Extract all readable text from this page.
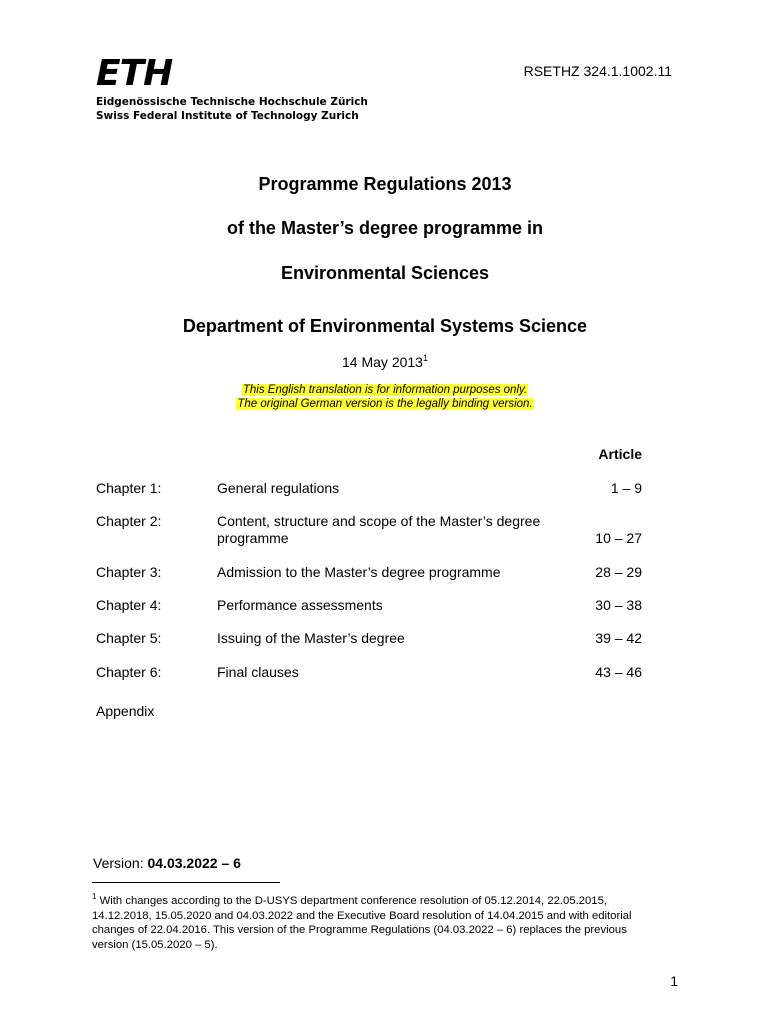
ETH
Eidgenössische Technische Hochschule Zürich
Swiss Federal Institute of Technology Zurich
RSETHZ 324.1.1002.11
Programme Regulations 2013
of the Master’s degree programme in
Environmental Sciences
Department of Environmental Systems Science
14 May 2013$^1$
This English translation is for information purposes only.
The original German version is the legally binding version.
Article
Chapter 1:	General regulations	1 – 9
Chapter 2:	Content, structure and scope of the Master’s degree programme	10 – 27
Chapter 3:	Admission to the Master’s degree programme	28 – 29
Chapter 4:	Performance assessments	30 – 38
Chapter 5:	Issuing of the Master’s degree	39 – 42
Chapter 6:	Final clauses	43 – 46
Appendix
Version: 04.03.2022 – 6
$^1$ With changes according to the D-USYS department conference resolution of 05.12.2014, 22.05.2015, 14.12.2018, 15.05.2020 and 04.03.2022 and the Executive Board resolution of 14.04.2015 and with editorial changes of 22.04.2016. This version of the Programme Regulations (04.03.2022 – 6) replaces the previous version (15.05.2020 – 5).
1
